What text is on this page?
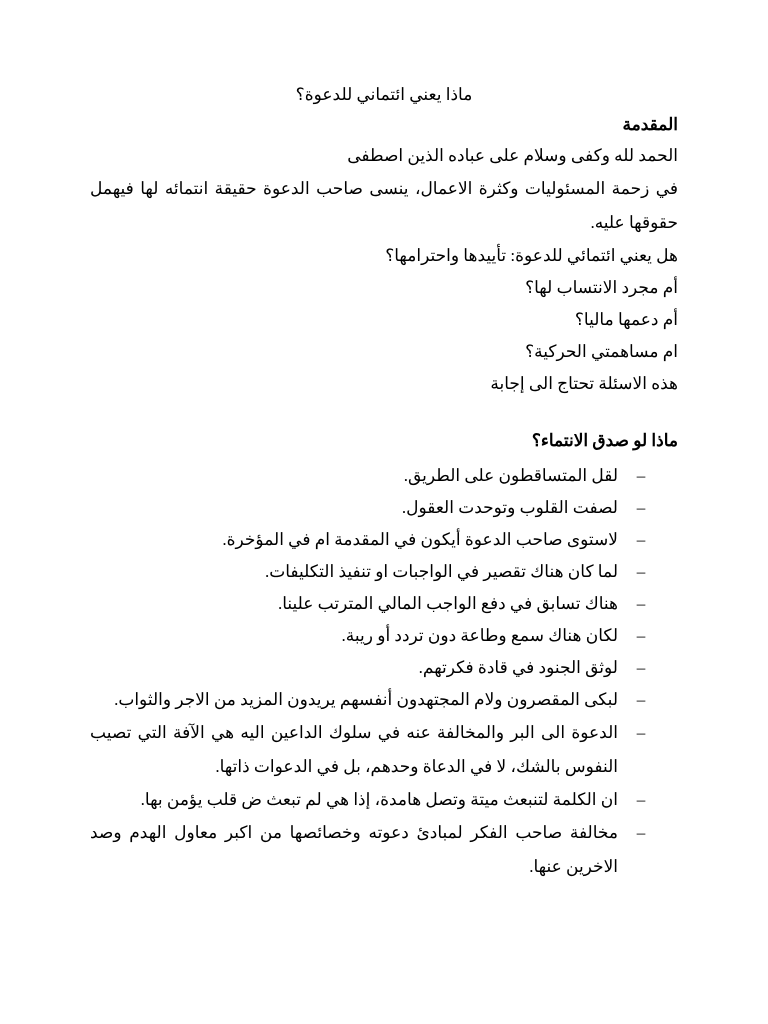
ماذا يعني ائتماني للدعوة؟
المقدمة

الحمد لله وكفى وسلام على عباده الذين اصطفى

في زحمة المسئوليات وكثرة الاعمال، ينسى صاحب الدعوة حقيقة انتمائه لها فيهمل حقوقها عليه.

هل يعني ائتمائي للدعوة: تأييدها واحترامها؟

أم مجرد الانتساب لها؟

أم دعمها ماليا؟

ام مساهمتي الحركية؟

هذه الاسئلة تحتاج الى إجابة

ماذا لو صدق الانتماء؟
–
لقل المتساقطون على الطريق.
–
لصفت القلوب وتوحدت العقول.
–
لاستوى صاحب الدعوة أيكون في المقدمة ام في المؤخرة.
–
لما كان هناك تقصير في الواجبات او تنفيذ التكليفات.
–
هناك تسابق في دفع الواجب المالي المترتب علينا.
–
لكان هناك سمع وطاعة دون تردد أو ريبة.
–
لوثق الجنود في قادة فكرتهم.
–
لبكى المقصرون ولام المجتهدون أنفسهم يريدون المزيد من الاجر والثواب.
–
الدعوة الى البر والمخالفة عنه في سلوك الداعين اليه هي الآفة التي تصيب النفوس بالشك، لا في الدعاة وحدهم، بل في الدعوات ذاتها.
–
ان الكلمة لتنبعث ميتة وتصل هامدة، إذا هي لم تبعث ض قلب يؤمن بها.
–
مخالفة صاحب الفكر لمبادئ دعوته وخصائصها من اكبر معاول الهدم وصد الاخرين عنها.
